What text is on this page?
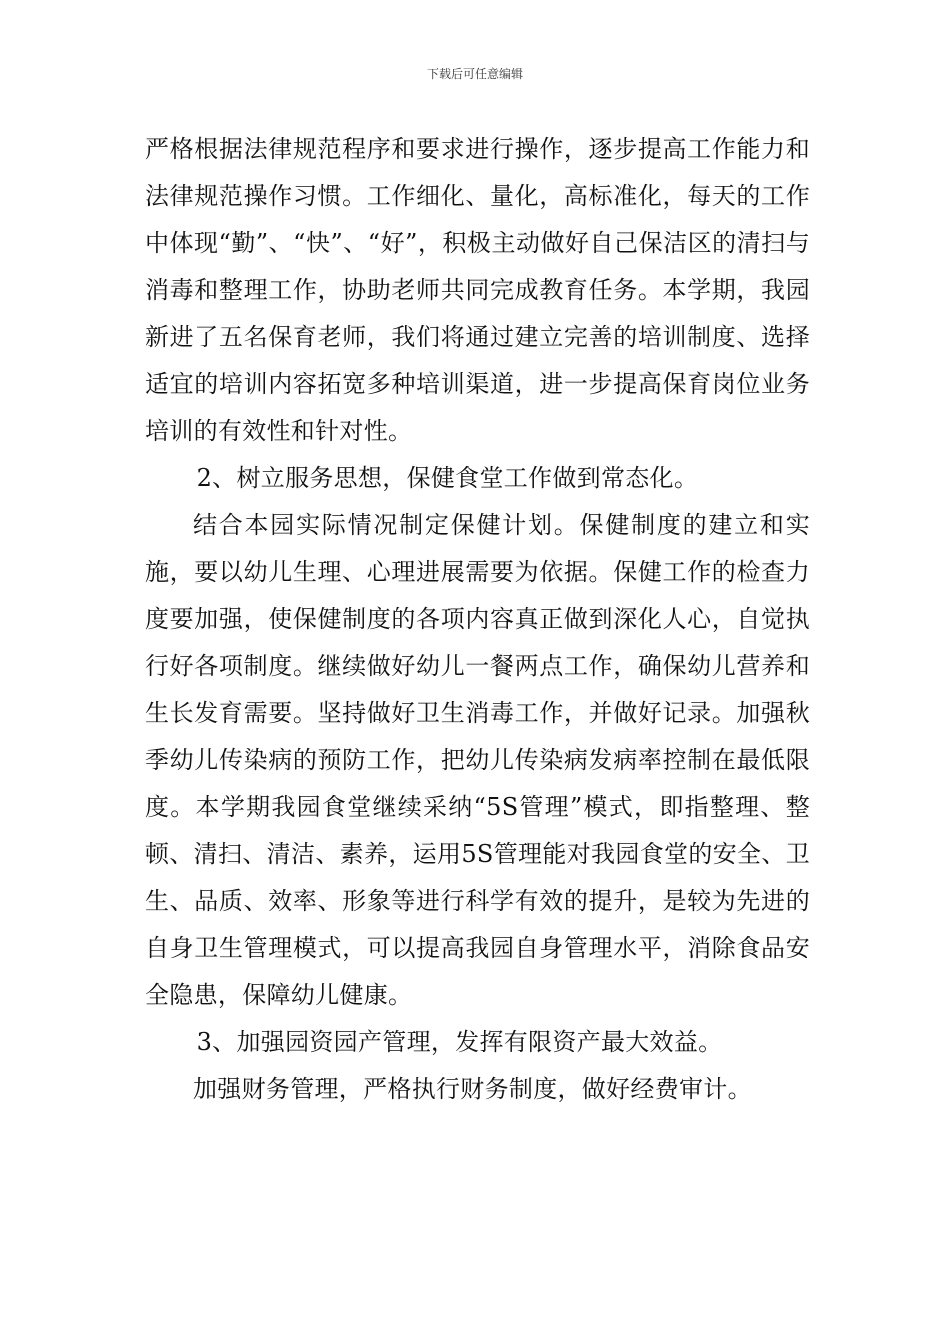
下载后可任意编辑

严格根据法律规范程序和要求进行操作，逐步提高工作能力和法律规范操作习惯。工作细化、量化，高标准化，每天的工作中体现“勤”、“快”、“好”，积极主动做好自己保洁区的清扫与消毒和整理工作，协助老师共同完成教育任务。本学期，我园新进了五名保育老师，我们将通过建立完善的培训制度、选择适宜的培训内容拓宽多种培训渠道，进一步提高保育岗位业务培训的有效性和针对性。

2、树立服务思想，保健食堂工作做到常态化。

结合本园实际情况制定保健计划。保健制度的建立和实施，要以幼儿生理、心理进展需要为依据。保健工作的检查力度要加强，使保健制度的各项内容真正做到深化人心，自觉执行好各项制度。继续做好幼儿一餐两点工作，确保幼儿营养和生长发育需要。坚持做好卫生消毒工作，并做好记录。加强秋季幼儿传染病的预防工作，把幼儿传染病发病率控制在最低限度。本学期我园食堂继续采纳“5S管理”模式，即指整理、整顿、清扫、清洁、素养，运用5S管理能对我园食堂的安全、卫生、品质、效率、形象等进行科学有效的提升，是较为先进的自身卫生管理模式，可以提高我园自身管理水平，消除食品安全隐患，保障幼儿健康。

3、加强园资园产管理，发挥有限资产最大效益。

加强财务管理，严格执行财务制度，做好经费审计。
